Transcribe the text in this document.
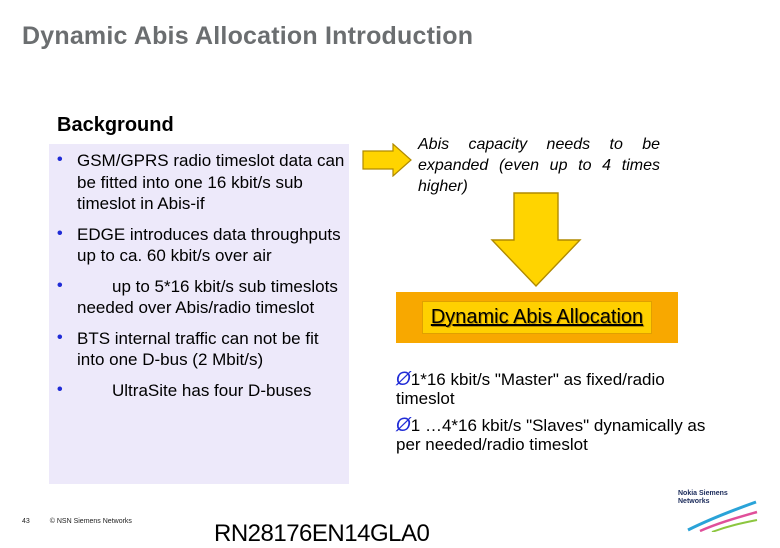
Dynamic Abis Allocation Introduction
Background
• GSM/GPRS radio timeslot data can be fitted into one 16 kbit/s sub timeslot in Abis-if
• EDGE introduces data throughputs up to ca. 60 kbit/s over air
•	up to 5*16 kbit/s sub timeslots needed over Abis/radio timeslot
• BTS internal traffic can not be fit into one D-bus (2 Mbit/s)
•	UltraSite has four D-buses
Abis capacity needs to be expanded (even up to 4 times higher)
Dynamic Abis Allocation
Ø1*16 kbit/s "Master" as fixed/radio timeslot
Ø1 …4*16 kbit/s "Slaves" dynamically as per needed/radio timeslot
43	© NSN Siemens Networks	RN28176EN14GLA0
Nokia Siemens
Networks
